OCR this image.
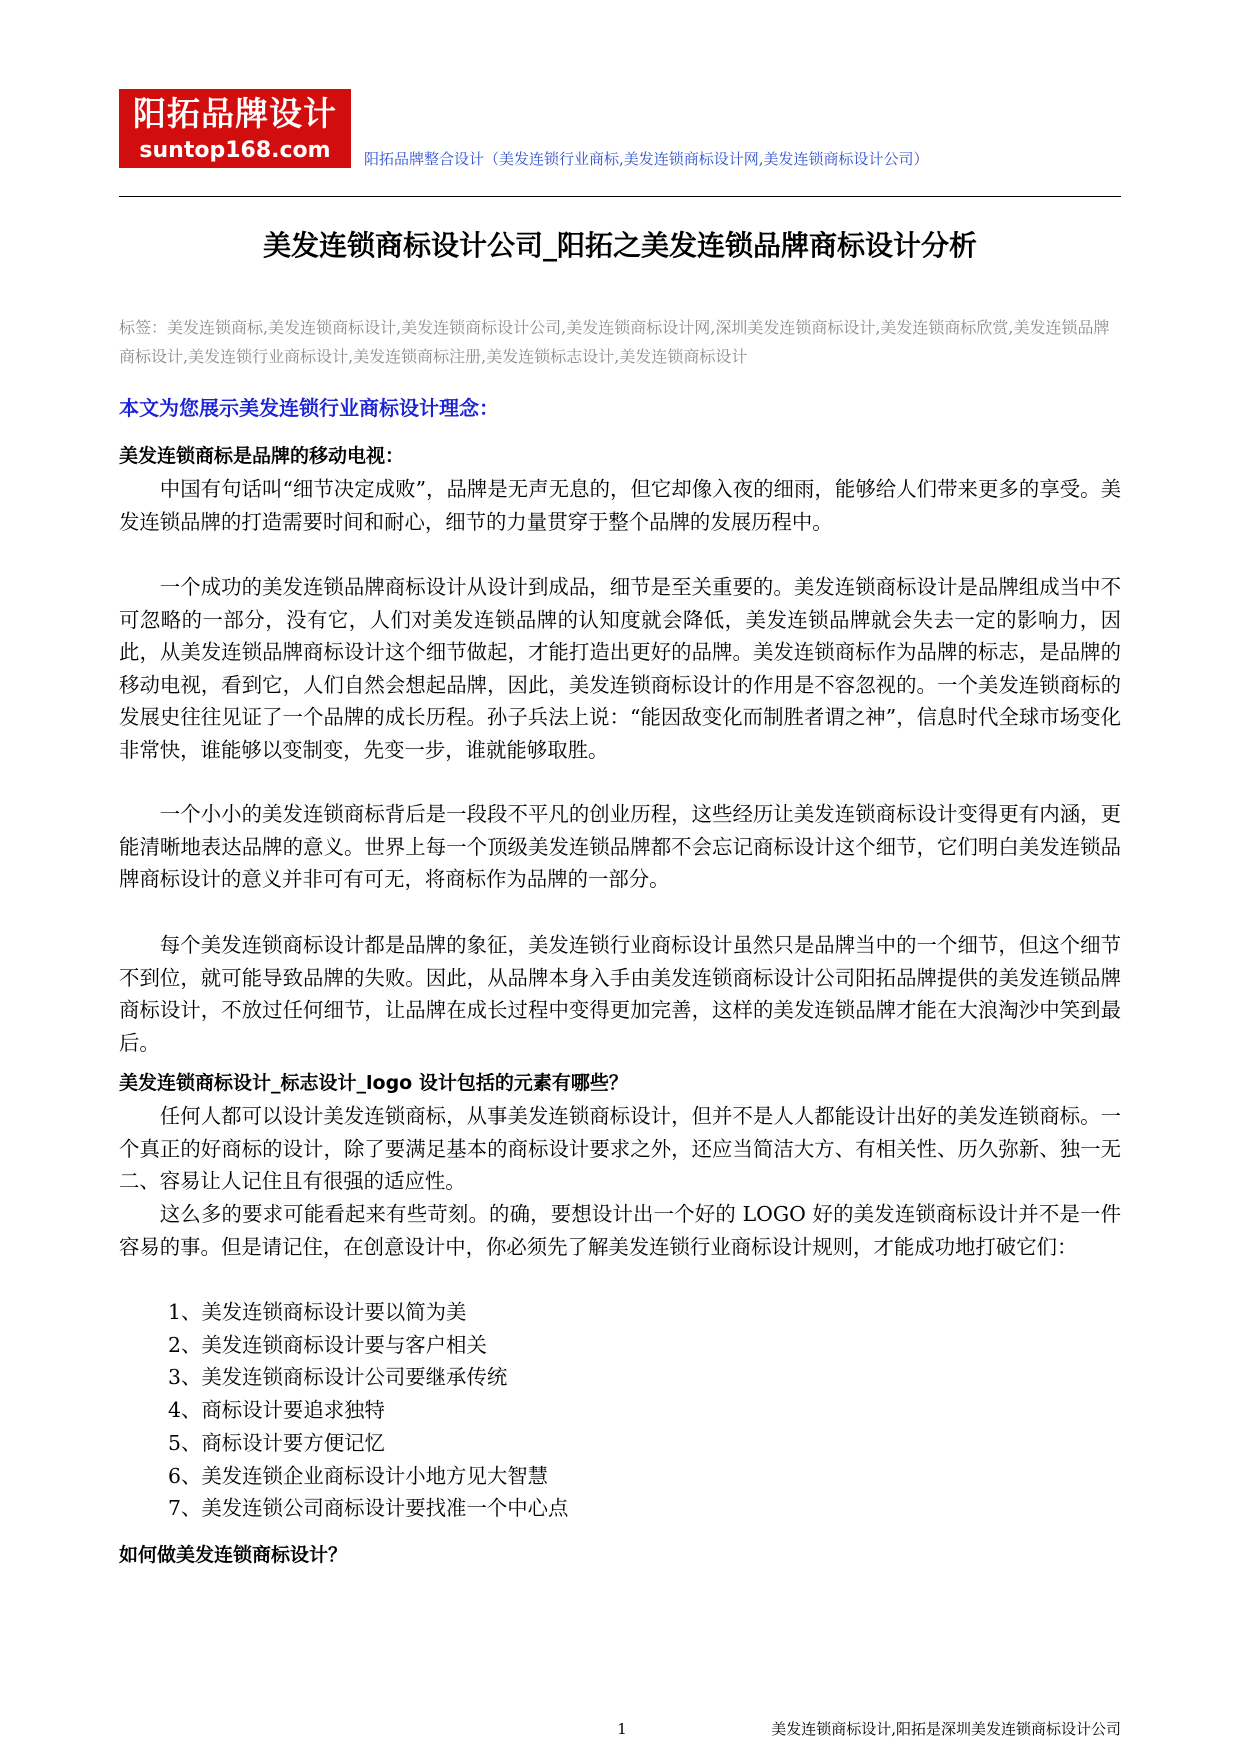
阳拓品牌设计
suntop168.com	阳拓品牌整合设计（美发连锁行业商标,美发连锁商标设计网,美发连锁商标设计公司）
美发连锁商标设计公司_阳拓之美发连锁品牌商标设计分析
标签：美发连锁商标,美发连锁商标设计,美发连锁商标设计公司,美发连锁商标设计网,深圳美发连锁商标设计,美发连锁商标欣赏,美发连锁品牌商标设计,美发连锁行业商标设计,美发连锁商标注册,美发连锁标志设计,美发连锁商标设计
本文为您展示美发连锁行业商标设计理念：
美发连锁商标是品牌的移动电视：
中国有句话叫“细节决定成败”，品牌是无声无息的，但它却像入夜的细雨，能够给人们带来更多的享受。美发连锁品牌的打造需要时间和耐心，细节的力量贯穿于整个品牌的发展历程中。
一个成功的美发连锁品牌商标设计从设计到成品，细节是至关重要的。美发连锁商标设计是品牌组成当中不可忽略的一部分，没有它，人们对美发连锁品牌的认知度就会降低，美发连锁品牌就会失去一定的影响力，因此，从美发连锁品牌商标设计这个细节做起，才能打造出更好的品牌。美发连锁商标作为品牌的标志，是品牌的移动电视，看到它，人们自然会想起品牌，因此，美发连锁商标设计的作用是不容忽视的。一个美发连锁商标的发展史往往见证了一个品牌的成长历程。孙子兵法上说：“能因敌变化而制胜者谓之神”，信息时代全球市场变化非常快，谁能够以变制变，先变一步，谁就能够取胜。
一个小小的美发连锁商标背后是一段段不平凡的创业历程，这些经历让美发连锁商标设计变得更有内涵，更能清晰地表达品牌的意义。世界上每一个顶级美发连锁品牌都不会忘记商标设计这个细节，它们明白美发连锁品牌商标设计的意义并非可有可无，将商标作为品牌的一部分。
每个美发连锁商标设计都是品牌的象征，美发连锁行业商标设计虽然只是品牌当中的一个细节，但这个细节不到位，就可能导致品牌的失败。因此，从品牌本身入手由美发连锁商标设计公司阳拓品牌提供的美发连锁品牌商标设计，不放过任何细节，让品牌在成长过程中变得更加完善，这样的美发连锁品牌才能在大浪淘沙中笑到最后。
美发连锁商标设计_标志设计_logo 设计包括的元素有哪些？
任何人都可以设计美发连锁商标，从事美发连锁商标设计，但并不是人人都能设计出好的美发连锁商标。一个真正的好商标的设计，除了要满足基本的商标设计要求之外，还应当简洁大方、有相关性、历久弥新、独一无二、容易让人记住且有很强的适应性。
这么多的要求可能看起来有些苛刻。的确，要想设计出一个好的 LOGO 好的美发连锁商标设计并不是一件容易的事。但是请记住，在创意设计中，你必须先了解美发连锁行业商标设计规则，才能成功地打破它们：
1、美发连锁商标设计要以简为美
2、美发连锁商标设计要与客户相关
3、美发连锁商标设计公司要继承传统
4、商标设计要追求独特
5、商标设计要方便记忆
6、美发连锁企业商标设计小地方见大智慧
7、美发连锁公司商标设计要找准一个中心点
如何做美发连锁商标设计？
1	美发连锁商标设计,阳拓是深圳美发连锁商标设计公司
